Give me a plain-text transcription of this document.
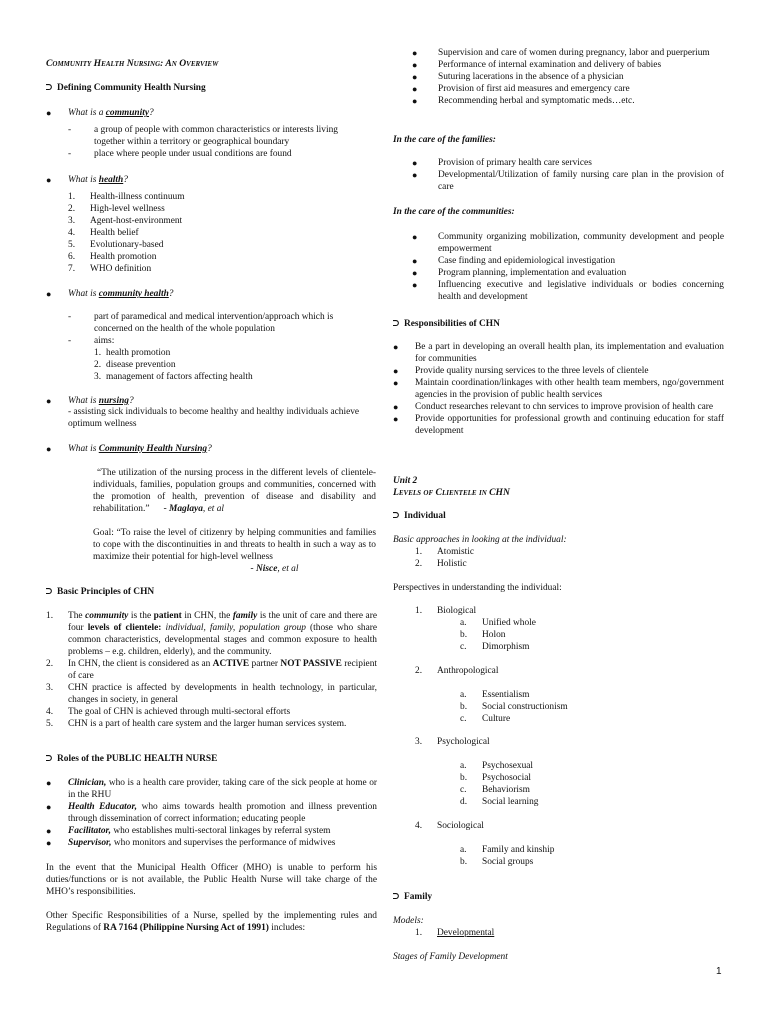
Community Health Nursing: An Overview

⊃ Defining Community Health Nursing

What is a community?

●
- a group of people with common characteristics or interests living together within a territory or geographical boundary
- place where people under usual conditions are found
● What is health?

1. Health-illness continuum
2. High-level wellness
3. Agent-host-environment
4. Health belief
5. Evolutionary-based
6. Health promotion
7. WHO definition
● What is community health?

- part of paramedical and medical intervention/approach which is concerned on the health of the whole population
- aims:
1. health promotion
2. disease prevention
3. management of factors affecting health
● What is nursing?

- assisting sick individuals to become healthy and healthy individuals achieve optimum wellness

● What is Community Health Nursing?

“The utilization of the nursing process in the different levels of clientele-individuals, families, population groups and communities, concerned with the promotion of health, prevention of disease and disability and rehabilitation.” - Maglaya, et al

Goal: “To raise the level of citizenry by helping communities and families to cope with the discontinuities in and threats to health in such a way as to maximize their potential for high-level wellness

- Nisce, et al

⊃ Basic Principles of CHN

1. The community is the patient in CHN, the family is the unit of care and there are four levels of clientele: individual, family, population group (those who share common characteristics, developmental stages and common exposure to health problems – e.g. children, elderly), and the community.
2. In CHN, the client is considered as an ACTIVE partner NOT PASSIVE recipient of care
3. CHN practice is affected by developments in health technology, in particular, changes in society, in general
4. The goal of CHN is achieved through multi-sectoral efforts
5. CHN is a part of health care system and the larger human services system.

⊃ Roles of the PUBLIC HEALTH NURSE

● Clinician, who is a health care provider, taking care of the sick people at home or in the RHU
● Health Educator, who aims towards health promotion and illness prevention through dissemination of correct information; educating people
● Facilitator, who establishes multi-sectoral linkages by referral system
● Supervisor, who monitors and supervises the performance of midwives

In the event that the Municipal Health Officer (MHO) is unable to perform his duties/functions or is not available, the Public Health Nurse will take charge of the MHO’s responsibilities.

Other Specific Responsibilities of a Nurse, spelled by the implementing rules and Regulations of RA 7164 (Philippine Nursing Act of 1991) includes:

● Supervision and care of women during pregnancy, labor and puerperium
● Performance of internal examination and delivery of babies
● Suturing lacerations in the absence of a physician
● Provision of first aid measures and emergency care
● Recommending herbal and symptomatic meds…etc.

In the care of the families:

● Provision of primary health care services
● Developmental/Utilization of family nursing care plan in the provision of care

In the care of the communities:

● Community organizing mobilization, community development and people empowerment
● Case finding and epidemiological investigation
● Program planning, implementation and evaluation
● Influencing executive and legislative individuals or bodies concerning health and development

⊃ Responsibilities of CHN

● Be a part in developing an overall health plan, its implementation and evaluation for communities
● Provide quality nursing services to the three levels of clientele
● Maintain coordination/linkages with other health team members, ngo/government agencies in the provision of public health services
● Conduct researches relevant to chn services to improve provision of health care
● Provide opportunities for professional growth and continuing education for staff development

Unit 2

Levels of Clientele in CHN

⊃ Individual

Basic approaches in looking at the individual:

1. Atomistic
2. Holistic

Perspectives in understanding the individual:

1. Biological
a. Unified whole
b. Holon
c. Dimorphism
2. Anthropological
a. Essentialism
b. Social constructionism
c. Culture
3. Psychological
a. Psychosexual
b. Psychosocial
c. Behaviorism
d. Social learning
4. Sociological
a. Family and kinship
b. Social groups

⊃ Family

Models:

1. Developmental

Stages of Family Development

1
